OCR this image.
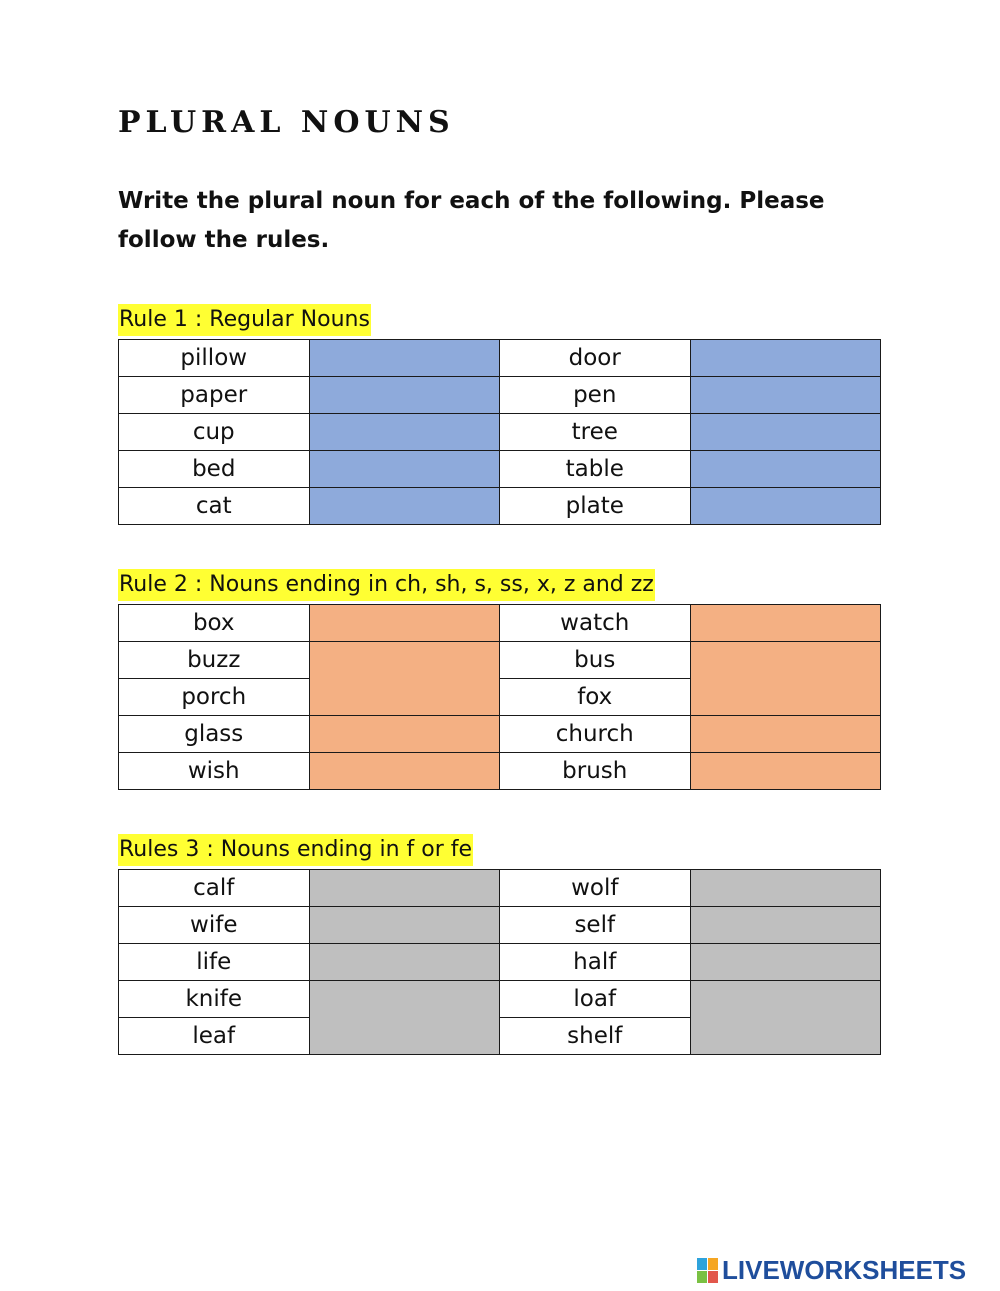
PLURAL NOUNS
Write the plural noun for each of the following. Please follow the rules.
Rule 1 : Regular Nouns
pillow		door	
paper		pen	
cup		tree	
bed		table	
cat		plate	
Rule 2 : Nouns ending in ch, sh, s, ss, x, z and zz
box		watch	
buzz		bus	
porch		fox	
glass		church	
wish		brush	
Rules 3 : Nouns ending in f or fe
calf		wolf	
wife		self	
life		half	
knife		loaf	
leaf		shelf	
LIVEWORKSHEETS
